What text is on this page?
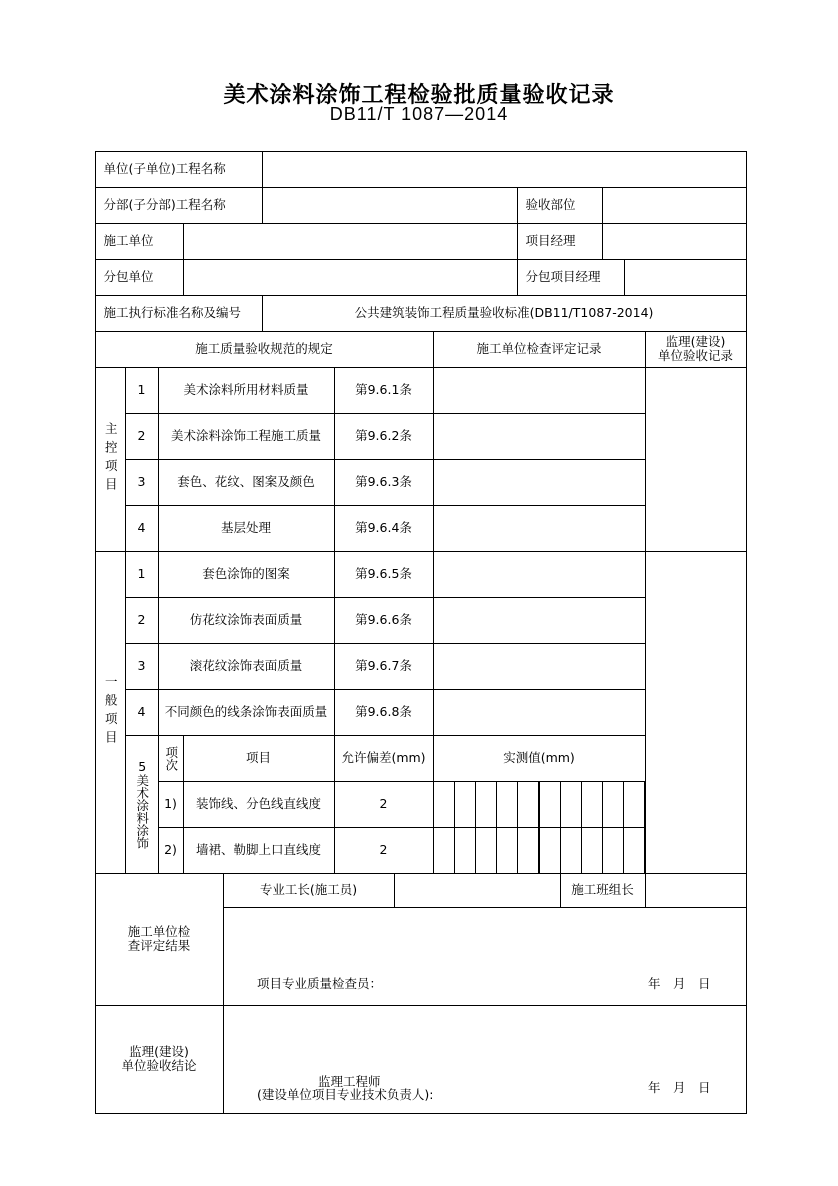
美术涂料涂饰工程检验批质量验收记录
DB11/T 1087—2014
单位(子单位)工程名称
分部(子分部)工程名称	验收部位
施工单位	项目经理
分包单位	分包项目经理
施工执行标准名称及编号	公共建筑装饰工程质量验收标准(DB11/T1087-2014)
施工质量验收规范的规定	施工单位检查评定记录	监理(建设)
单位验收记录
主控项目
1	美术涂料所用材料质量	第9.6.1条
2 美术涂料涂饰工程施工质量	第9.6.2条
3	套色、花纹、图案及颜色	第9.6.3条
4	基层处理	第9.6.4条
一般项目
1	套色涂饰的图案	第9.6.5条
2	仿花纹涂饰表面质量	第9.6.6条
3	滚花纹涂饰表面质量	第9.6.7条
4 不同颜色的线条涂饰表面质量 第9.6.8条
5美术涂料涂饰
项次	项目	允许偏差(mm)	实测值(mm)
1) 装饰线、分色线直线度	2
2) 墙裙、勒脚上口直线度	2
施工单位检
查评定结果
专业工长(施工员)	施工班组长
监理(建设)
单位验收结论
项目专业质量检查员：	年　月　日
监理工程师
(建设单位项目专业技术负责人):	年　月　日
